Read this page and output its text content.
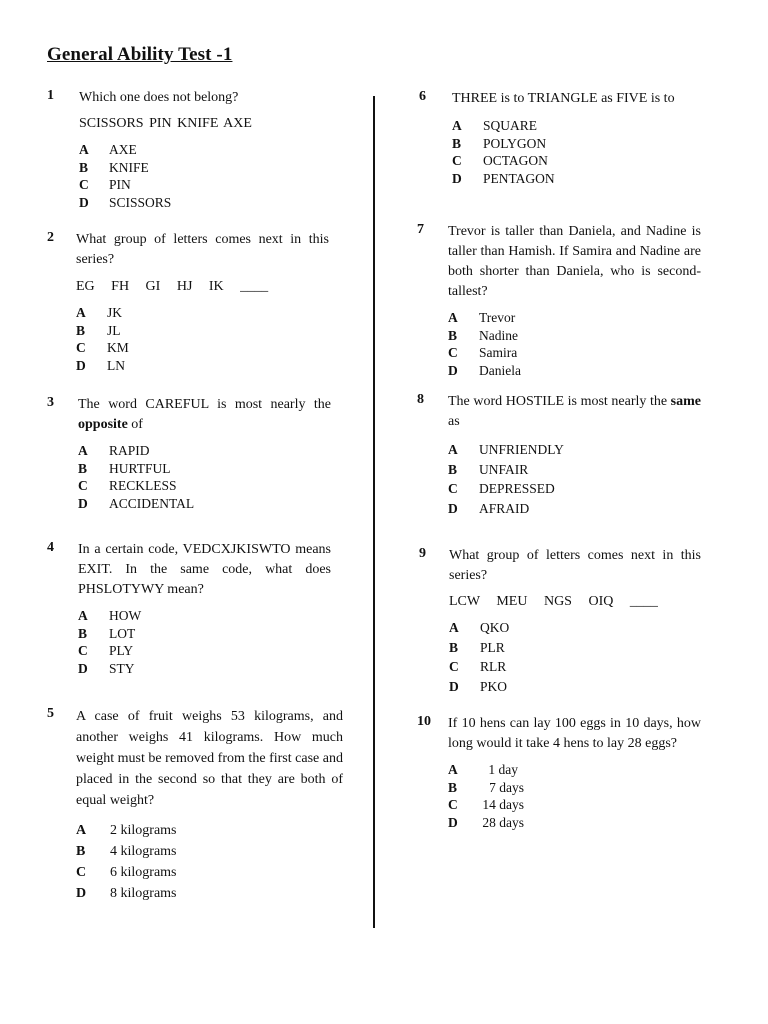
General Ability Test -1
1 Which one does not belong?
SCISSORS PIN KNIFE AXE
A AXE
B KNIFE
C PIN
D SCISSORS
2 What group of letters comes next in this series?
EG   FH   GI   HJ   IK   ____
A JK
B JL
C KM
D LN
3 The word CAREFUL is most nearly the opposite of
A RAPID
B HURTFUL
C RECKLESS
D ACCIDENTAL
4 In a certain code, VEDCXJKISWTO means EXIT. In the same code, what does PHSLOTYWY mean?
A HOW
B LOT
C PLY
D STY
5 A case of fruit weighs 53 kilograms, and another weighs 41 kilograms. How much weight must be removed from the first case and placed in the second so that they are both of equal weight?
A 2 kilograms
B 4 kilograms
C 6 kilograms
D 8 kilograms
6 THREE is to TRIANGLE as FIVE is to
A SQUARE
B POLYGON
C OCTAGON
D PENTAGON
7 Trevor is taller than Daniela, and Nadine is taller than Hamish. If Samira and Nadine are both shorter than Daniela, who is second-tallest?
A Trevor
B Nadine
C Samira
D Daniela
8 The word HOSTILE is most nearly the same as
A UNFRIENDLY
B UNFAIR
C DEPRESSED
D AFRAID
9 What group of letters comes next in this series?
LCW   MEU   NGS   OIQ   ____
A QKO
B PLR
C RLR
D PKO
10 If 10 hens can lay 100 eggs in 10 days, how long would it take 4 hens to lay 28 eggs?
A 1 day
B 7 days
C 14 days
D 28 days
